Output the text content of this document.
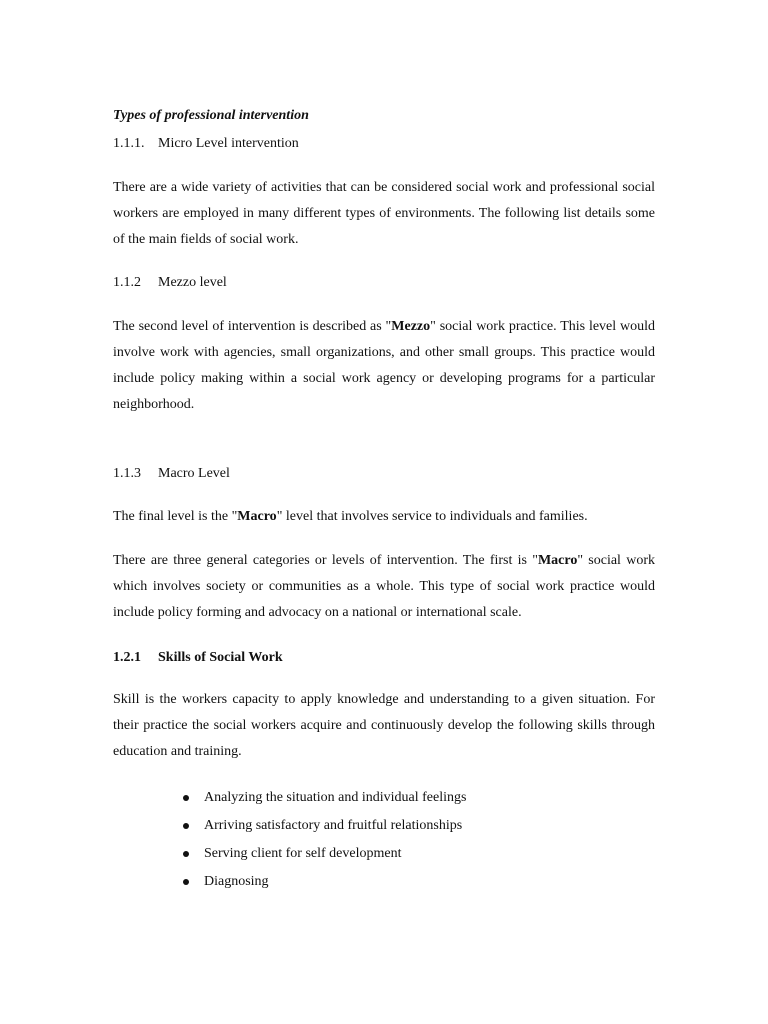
Types of professional intervention
1.1.1. Micro Level intervention

There are a wide variety of activities that can be considered social work and professional social workers are employed in many different types of environments. The following list details some of the main fields of social work.

1.1.2 Mezzo level

The second level of intervention is described as "Mezzo" social work practice. This level would involve work with agencies, small organizations, and other small groups. This practice would include policy making within a social work agency or developing programs for a particular neighborhood.

1.1.3 Macro Level

The final level is the "Macro" level that involves service to individuals and families.

There are three general categories or levels of intervention. The first is "Macro" social work which involves society or communities as a whole. This type of social work practice would include policy forming and advocacy on a national or international scale.

1.2.1 Skills of Social Work

Skill is the workers capacity to apply knowledge and understanding to a given situation. For their practice the social workers acquire and continuously develop the following skills through education and training.

Analyzing the situation and individual feelings
Arriving satisfactory and fruitful relationships
Serving client for self development
Diagnosing
